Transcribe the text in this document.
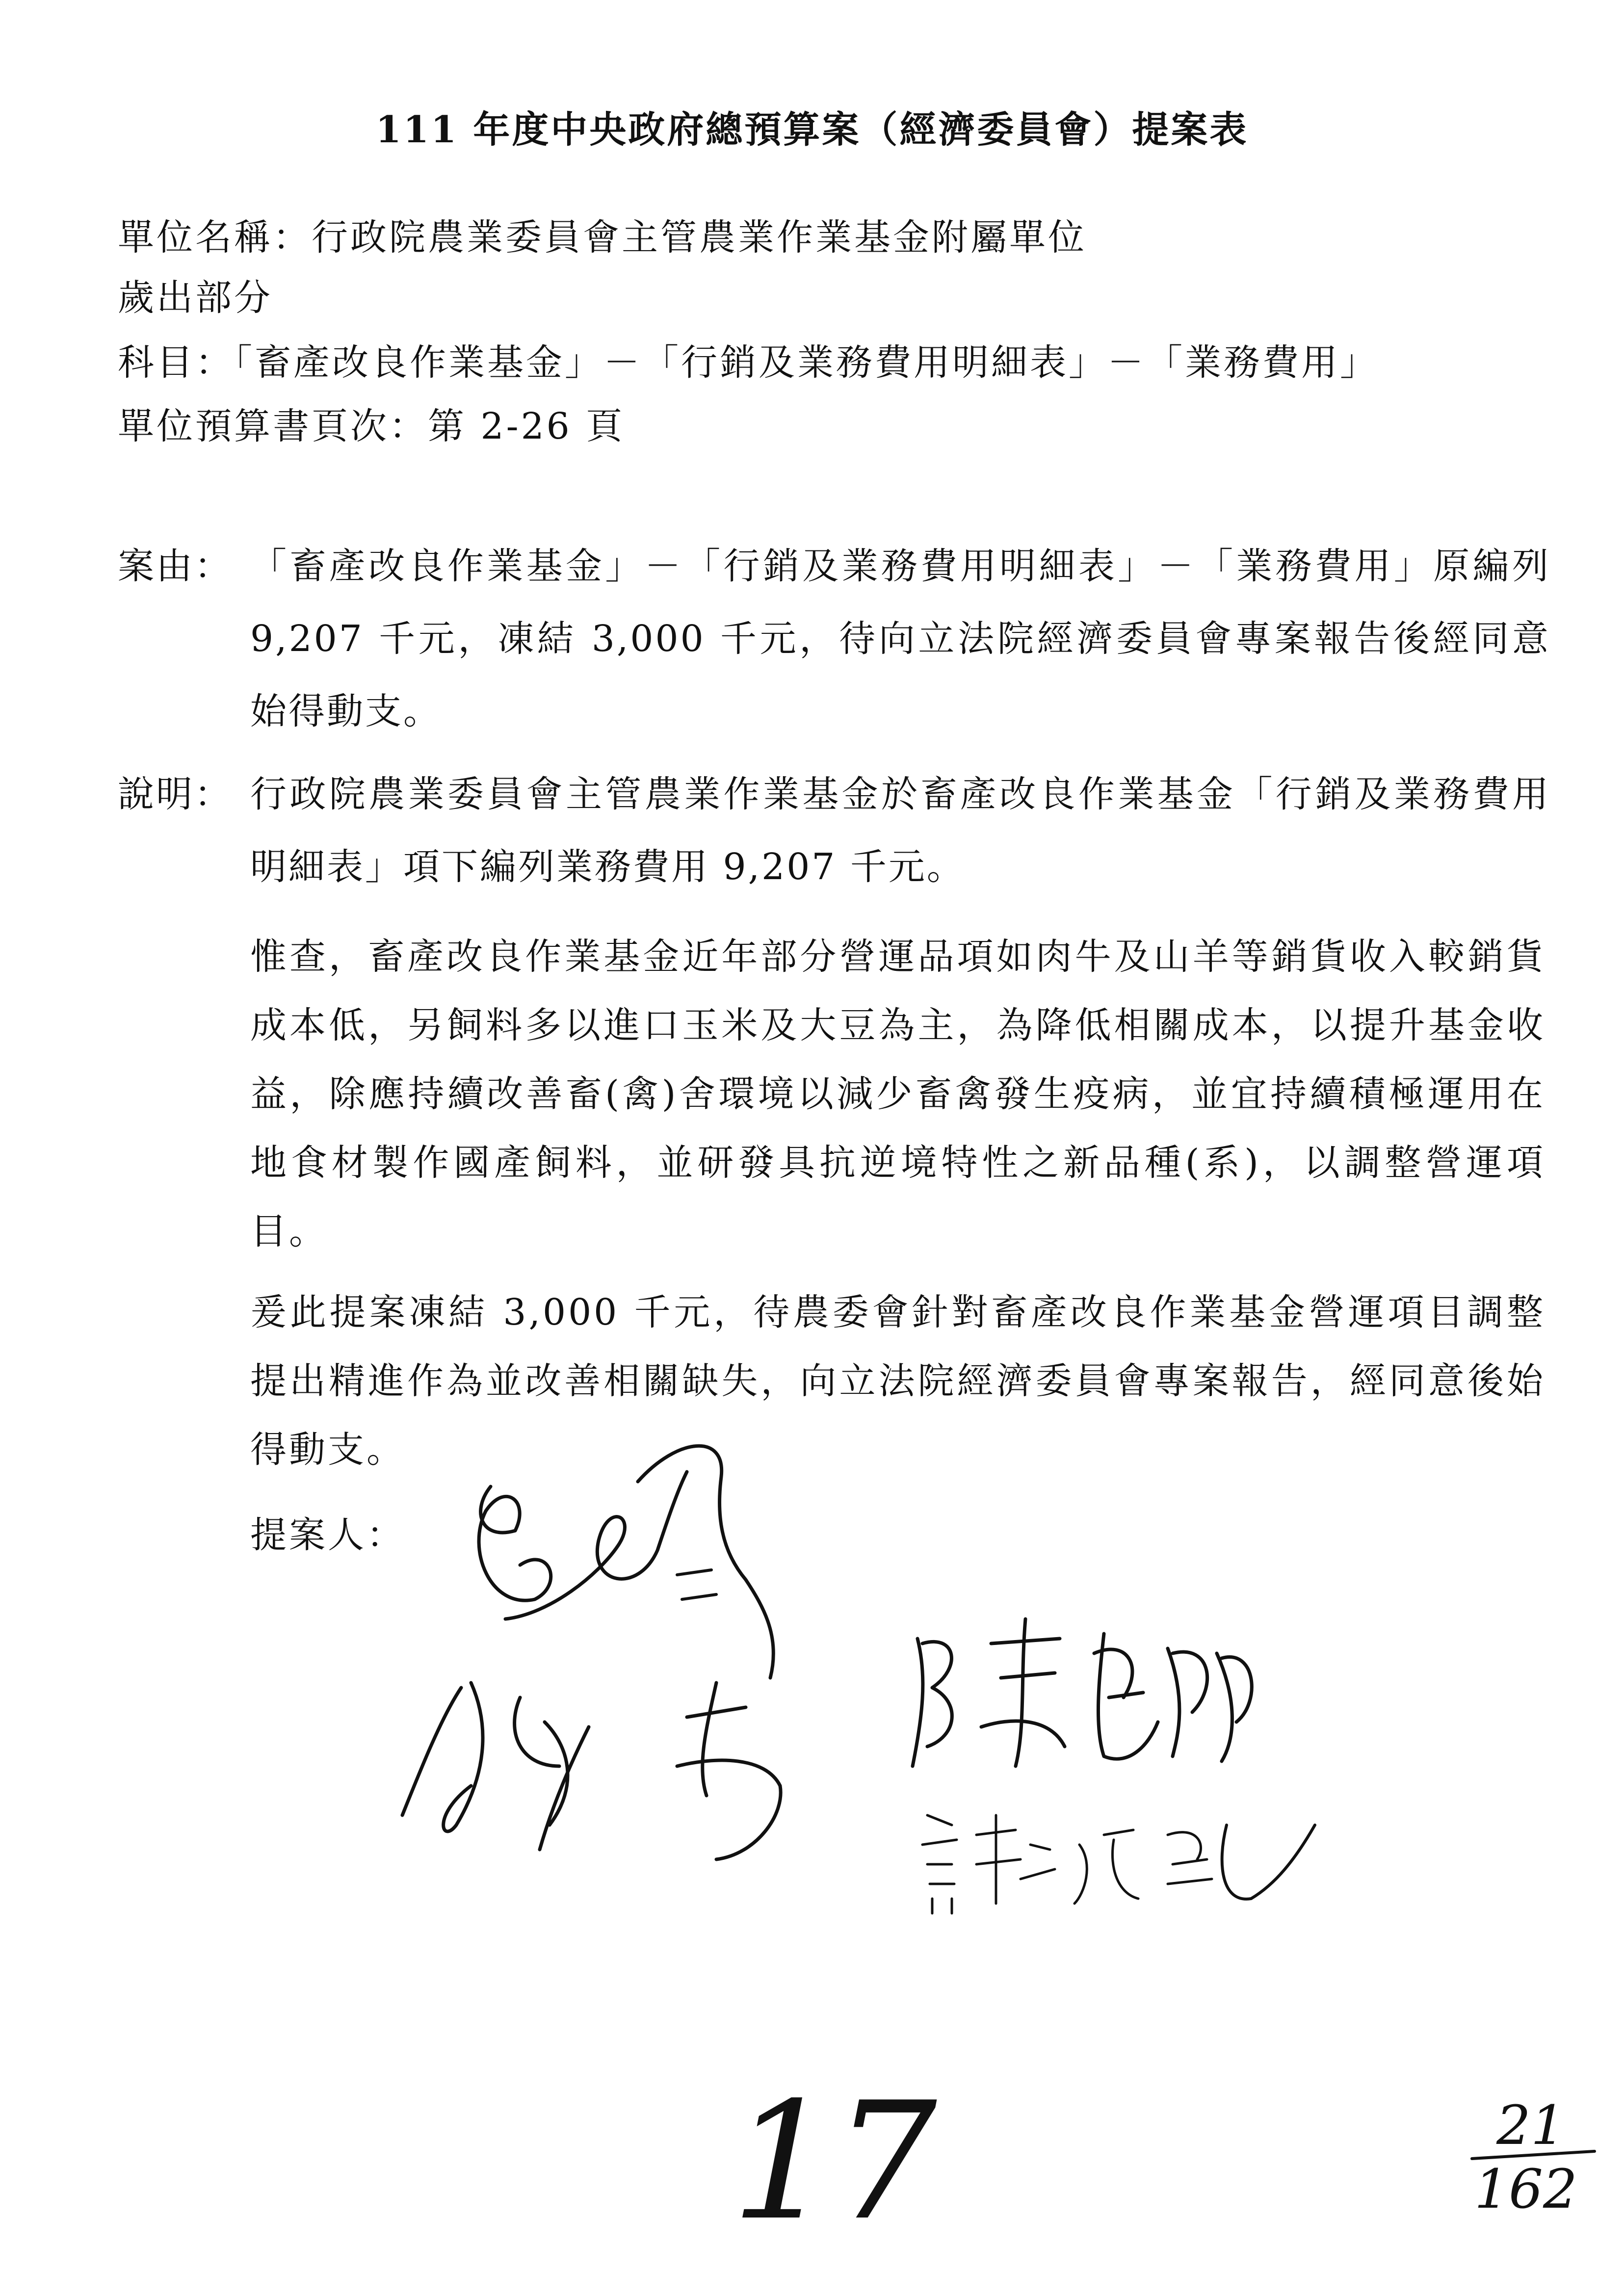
111 年度中央政府總預算案（經濟委員會）提案表
單位名稱：行政院農業委員會主管農業作業基金附屬單位
歲出部分
科目：「畜產改良作業基金」－「行銷及業務費用明細表」－「業務費用」
單位預算書頁次：第 2-26 頁
案由： 「畜產改良作業基金」－「行銷及業務費用明細表」－「業務費用」原編列 9,207 千元，凍結 3,000 千元，待向立法院經濟委員會專案報告後經同意始得動支。
說明： 行政院農業委員會主管農業作業基金於畜產改良作業基金「行銷及業務費用明細表」項下編列業務費用 9,207 千元。
惟查，畜產改良作業基金近年部分營運品項如肉牛及山羊等銷貨收入較銷貨成本低，另飼料多以進口玉米及大豆為主，為降低相關成本，以提升基金收益，除應持續改善畜(禽)舍環境以減少畜禽發生疫病，並宜持續積極運用在地食材製作國產飼料，並研發具抗逆境特性之新品種(系)，以調整營運項目。
爰此提案凍結 3,000 千元，待農委會針對畜產改良作業基金營運項目調整提出精進作為並改善相關缺失，向立法院經濟委員會專案報告，經同意後始得動支。
提案人：
17	21
162
